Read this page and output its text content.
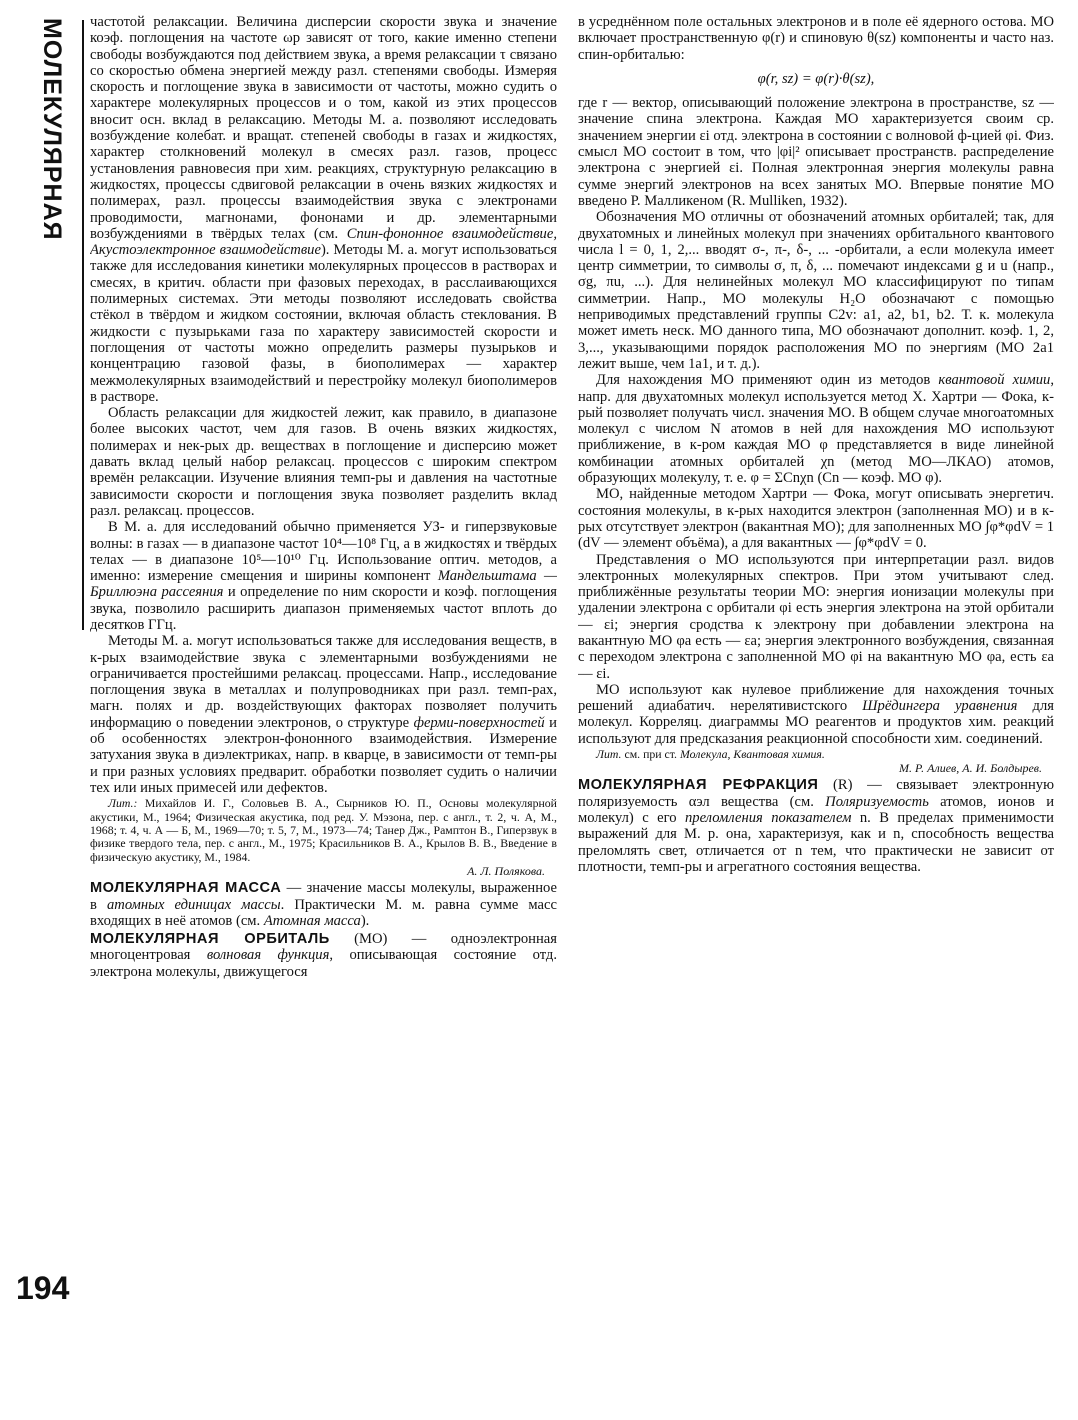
МОЛЕКУЛЯРНАЯ
194

частотой релаксации. Величина дисперсии скорости звука и значение коэф. поглощения на частоте ωр зависят от того, какие именно степени свободы возбуждаются под действием звука, а время релаксации τ связано со скоростью обмена энергией между разл. степенями свободы. Измеряя скорость и поглощение звука в зависимости от частоты, можно судить о характере молекулярных процессов и о том, какой из этих процессов вносит осн. вклад в релаксацию. Методы М. а. позволяют исследовать возбуждение колебат. и вращат. степеней свободы в газах и жидкостях, характер столкновений молекул в смесях разл. газов, процесс установления равновесия при хим. реакциях, структурную релаксацию в жидкостях, процессы сдвиговой релаксации в очень вязких жидкостях и полимерах, разл. процессы взаимодействия звука с электронами проводимости, магнонами, фононами и др. элементарными возбуждениями в твёрдых телах (см. Спин-фононное взаимодействие, Акустоэлектронное взаимодействие). Методы М. а. могут использоваться также для исследования кинетики молекулярных процессов в растворах и смесях, в критич. области при фазовых переходах, в расслаивающихся полимерных системах. Эти методы позволяют исследовать свойства стёкол в твёрдом и жидком состоянии, включая область стеклования. В жидкости с пузырьками газа по характеру зависимостей скорости и поглощения от частоты можно определить размеры пузырьков и концентрацию газовой фазы, в биополимерах — характер межмолекулярных взаимодействий и перестройку молекул биополимеров в растворе.

Область релаксации для жидкостей лежит, как правило, в диапазоне более высоких частот, чем для газов. В очень вязких жидкостях, полимерах и нек-рых др. веществах в поглощение и дисперсию может давать вклад целый набор релаксац. процессов с широким спектром времён релаксации. Изучение влияния темп-ры и давления на частотные зависимости скорости и поглощения звука позволяет разделить вклад разл. релаксац. процессов.

В М. а. для исследований обычно применяется УЗ- и гиперзвуковые волны: в газах — в диапазоне частот 10⁴—10⁸ Гц, а в жидкостях и твёрдых телах — в диапазоне 10⁵—10¹⁰ Гц. Использование оптич. методов, а именно: измерение смещения и ширины компонент Мандельштама — Бриллюэна рассеяния и определение по ним скорости и коэф. поглощения звука, позволило расширить диапазон применяемых частот вплоть до десятков ГГц.

Методы М. а. могут использоваться также для исследования веществ, в к-рых взаимодействие звука с элементарными возбуждениями не ограничивается простейшими релаксац. процессами. Напр., исследование поглощения звука в металлах и полупроводниках при разл. темп-рах, магн. полях и др. воздействующих факторах позволяет получить информацию о поведении электронов, о структуре ферми-поверхностей и об особенностях электрон-фононного взаимодействия. Измерение затухания звука в диэлектриках, напр. в кварце, в зависимости от темп-ры и при разных условиях предварит. обработки позволяет судить о наличии тех или иных примесей или дефектов.

Лит.: Михайлов И. Г., Соловьев В. А., Сырников Ю. П., Основы молекулярной акустики, М., 1964; Физическая акустика, под ред. У. Мэзона, пер. с англ., т. 2, ч. А, М., 1968; т. 4, ч. А — Б, М., 1969—70; т. 5, 7, М., 1973—74; Танер Дж., Рамптон В., Гиперзвук в физике твердого тела, пер. с англ., М., 1975; Красильников В. А., Крылов В. В., Введение в физическую акустику, М., 1984.

А. Л. Полякова.

МОЛЕКУЛЯРНАЯ МАССА — значение массы молекулы, выраженное в атомных единицах массы. Практически М. м. равна сумме масс входящих в неё атомов (см. Атомная масса).

МОЛЕКУЛЯРНАЯ ОРБИТАЛЬ (МО) — одноэлектронная многоцентровая волновая функция, описывающая состояние отд. электрона молекулы, движущегося

в усреднённом поле остальных электронов и в поле её ядерного остова. МО включает пространственную φ(r) и спиновую θ(sz) компоненты и часто наз. спин-орбиталью:

φ(r, sz) = φ(r)·θ(sz),

где r — вектор, описывающий положение электрона в пространстве, sz — значение спина электрона. Каждая МО характеризуется своим ср. значением энергии εi отд. электрона в состоянии с волновой ф-цией φi. Физ. смысл МО состоит в том, что |φi|² описывает пространств. распределение электрона с энергией εi. Полная электронная энергия молекулы равна сумме энергий электронов на всех занятых МО. Впервые понятие МО введено Р. Малликеном (R. Mulliken, 1932).

Обозначения МО отличны от обозначений атомных орбиталей; так, для двухатомных и линейных молекул при значениях орбитального квантового числа l = 0, 1, 2,... вводят σ-, π-, δ-, ... -орбитали, а если молекула имеет центр симметрии, то символы σ, π, δ, ... помечают индексами g и u (напр., σg, πu, ...). Для нелинейных молекул МО классифицируют по типам симметрии. Напр., МО молекулы H₂O обозначают с помощью неприводимых представлений группы C2v: a1, a2, b1, b2. Т. к. молекула может иметь неск. МО данного типа, МО обозначают дополнит. коэф. 1, 2, 3,..., указывающими порядок расположения МО по энергиям (МО 2a1 лежит выше, чем 1a1, и т. д.).

Для нахождения МО применяют один из методов квантовой химии, напр. для двухатомных молекул используется метод Х. Хартри — Фока, к-рый позволяет получать числ. значения МО. В общем случае многоатомных молекул с числом N атомов в ней для нахождения МО используют приближение, в к-ром каждая МО φ представляется в виде линейной комбинации атомных орбиталей χn (метод МО—ЛКАО) атомов, образующих молекулу, т. е. φ = ΣCnχn (Cn — коэф. МО φ).

МО, найденные методом Хартри — Фока, могут описывать энергетич. состояния молекулы, в к-рых находится электрон (заполненная МО) и в к-рых отсутствует электрон (вакантная МО); для заполненных МО ∫φ*φdV = 1 (dV — элемент объёма), а для вакантных — ∫φ*φdV = 0.

Представления о МО используются при интерпретации разл. видов электронных молекулярных спектров. При этом учитывают след. приближённые результаты теории МО: энергия ионизации молекулы при удалении электрона с орбитали φi есть энергия электрона на этой орбитали — εi; энергия сродства к электрону при добавлении электрона на вакантную МО φa есть — εa; энергия электронного возбуждения, связанная с переходом электрона с заполненной МО φi на вакантную МО φa, есть εa — εi.

МО используют как нулевое приближение для нахождения точных решений адиабатич. нерелятивистского Шрёдингера уравнения для молекул. Корреляц. диаграммы МО реагентов и продуктов хим. реакций используют для предсказания реакционной способности хим. соединений.

Лит. см. при ст. Молекула, Квантовая химия.

М. Р. Алиев, А. И. Болдырев.

МОЛЕКУЛЯРНАЯ РЕФРАКЦИЯ (R) — связывает электронную поляризуемость αэл вещества (см. Поляризуемость атомов, ионов и молекул) с его преломления показателем n. В пределах применимости выражений для М. р. она, характеризуя, как и n, способность вещества преломлять свет, отличается от n тем, что практически не зависит от плотности, темп-ры и агрегатного состояния вещества.
